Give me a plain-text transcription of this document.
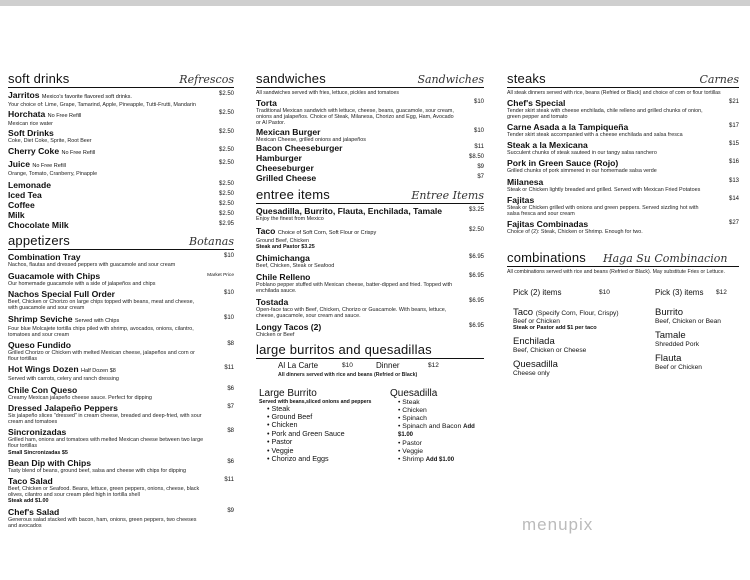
soft drinks	Refrescos
Jarritos Mexico's favorite flavored soft drinks.	$2.50
Your choice of: Lime, Grape, Tamarind, Apple, Pineapple, Tutti-Frutti, Mandarin
Horchata No Free Refill	$2.50
Mexican rice water
Soft Drinks	$2.50
Coke, Diet Coke, Sprite, Root Beer
Cherry Coke No Free Refill	$2.50
Juice No Free Refill	$2.50
Orange, Tomato, Cranberry, Pinapple
Lemonade	$2.50
Iced Tea	$2.50
Coffee	$2.50
Milk	$2.50
Chocolate Milk	$2.95
appetizers	Botanas
Combination Tray	$10
Nachos, flautas and dressed peppers with guacamole and sour cream
Guacamole with Chips	Market Price
Our homemade guacamole with a side of jalapeños and chips
Nachos Special Full Order	$10
Beef, Chicken or Chorizo on large chips topped with beans, meat and cheese, with guacamole and sour cream
Shrimp Seviche Served with Chips	$10
Four blue Molcajete tortilla chips piled with shrimp, avocados, onions, cilantro, tomatoes and sour cream
Queso Fundido	$8
Grilled Chorizo or Chicken with melted Mexican cheese, jalapeños and corn or flour tortillas
Hot Wings Dozen Half Dozen $8	$11
Served with carrots, celery and ranch dressing
Chile Con Queso	$6
Creamy Mexican jalapeño cheese sauce. Perfect for dipping
Dressed Jalapeño Peppers	$7
Six jalapeño slices "dressed" in cream cheese, breaded and deep-fried, with sour cream and tomatoes
Sincronizadas	$8
Grilled ham, onions and tomatoes with melted Mexican cheese between two large flour tortillas
Small Sincronizadas $5
Bean Dip with Chips	$6
Tasty blend of beans, ground beef, salsa and cheese with chips for dipping
Taco Salad	$11
Beef, Chicken or Seafood. Beans, lettuce, green peppers, onions, cheese, black olives, cilantro and sour cream piled high in tortilla shell
Steak add $1.00
Chef's Salad	$9
Generous salad stacked with bacon, ham, onions, green peppers, two cheeses and avocados
sandwiches	Sandwiches
All sandwiches served with fries, lettuce, pickles and tomatoes
Torta	$10
Traditional Mexican sandwich with lettuce, cheese, beans, guacamole, sour cream, onions and jalapeños. Choice of Steak, Milanesa, Chorizo and Egg, Ham, Avocado or Al Pastor.
Mexican Burger	$10
Mexican Cheese, grilled onions and jalapeños
Bacon Cheeseburger	$11
Hamburger	$8.50
Cheeseburger	$9
Grilled Cheese	$7
entree items	Entree Items
Quesadilla, Burrito, Flauta, Enchilada, Tamale	$3.25
Enjoy the finest from Mexico
Taco Choice of Soft Corn, Soft Flour or Crispy	$2.50
Ground Beef, Chicken
Steak and Pastor $3.25
Chimichanga	$6.95
Beef, Chicken, Steak or Seafood
Chile Relleno	$6.95
Poblano pepper stuffed with Mexican cheese, batter-dipped and fried. Topped with enchilada sauce.
Tostada	$6.95
Open-face taco with Beef, Chicken, Chorizo or Guacamole. With beans, lettuce, cheese, guacamole, sour cream and sauce.
Longy Tacos (2)	$6.95
Chicken or Beef
large burritos and quesadillas
Al La Carte	$10	Dinner	$12
All dinners served with rice and beans (Refried or Black)
Large Burrito
Served with beans,sliced onions and peppers
• Steak
• Ground Beef
• Chicken
• Pork and Green Sauce
• Pastor
• Veggie
• Chorizo and Eggs
Quesadilla
• Steak
• Chicken
• Spinach
• Spinach and Bacon Add $1.00
• Pastor
• Veggie
• Shrimp Add $1.00
steaks	Carnes
All steak dinners served with rice, beans (Refried or Black) and choice of corn or flour tortillas
Chef's Special	$21
Tender skirt steak with cheese enchilada, chile relleno and grilled chunks of onion, green pepper and tomato
Carne Asada a la Tampiqueña	$17
Tender skirt steak accompanied with a cheese enchilada and salsa fresca
Steak a la Mexicana	$15
Succulent chunks of steak sauteed in our tangy salsa ranchero
Pork in Green Sauce (Rojo)	$16
Grilled chunks of pork simmered in our homemade salsa verde
Milanesa	$13
Steak or Chicken lightly breaded and grilled. Served with Mexican Fried Potatoes
Fajitas	$14
Steak or Chicken grilled with onions and green peppers. Served sizzling hot with salsa fresca and sour cream
Fajitas Combinadas	$27
Choice of (2): Steak, Chicken or Shrimp. Enough for two.
combinations Haga Su Combinacion
All combinations served with rice and beans (Refried or Black). May substitute Fries or Lettuce.
Pick (2) items	$10
Taco (Specify Corn, Flour, Crispy)
Beef or Chicken
Steak or Pastor add $1 per taco
Enchilada
Beef, Chicken or Cheese
Quesadilla
Cheese only
Pick (3) items $12
Burrito
Beef, Chicken or Bean
Tamale
Shredded Pork
Flauta
Beef or Chicken
menupix
